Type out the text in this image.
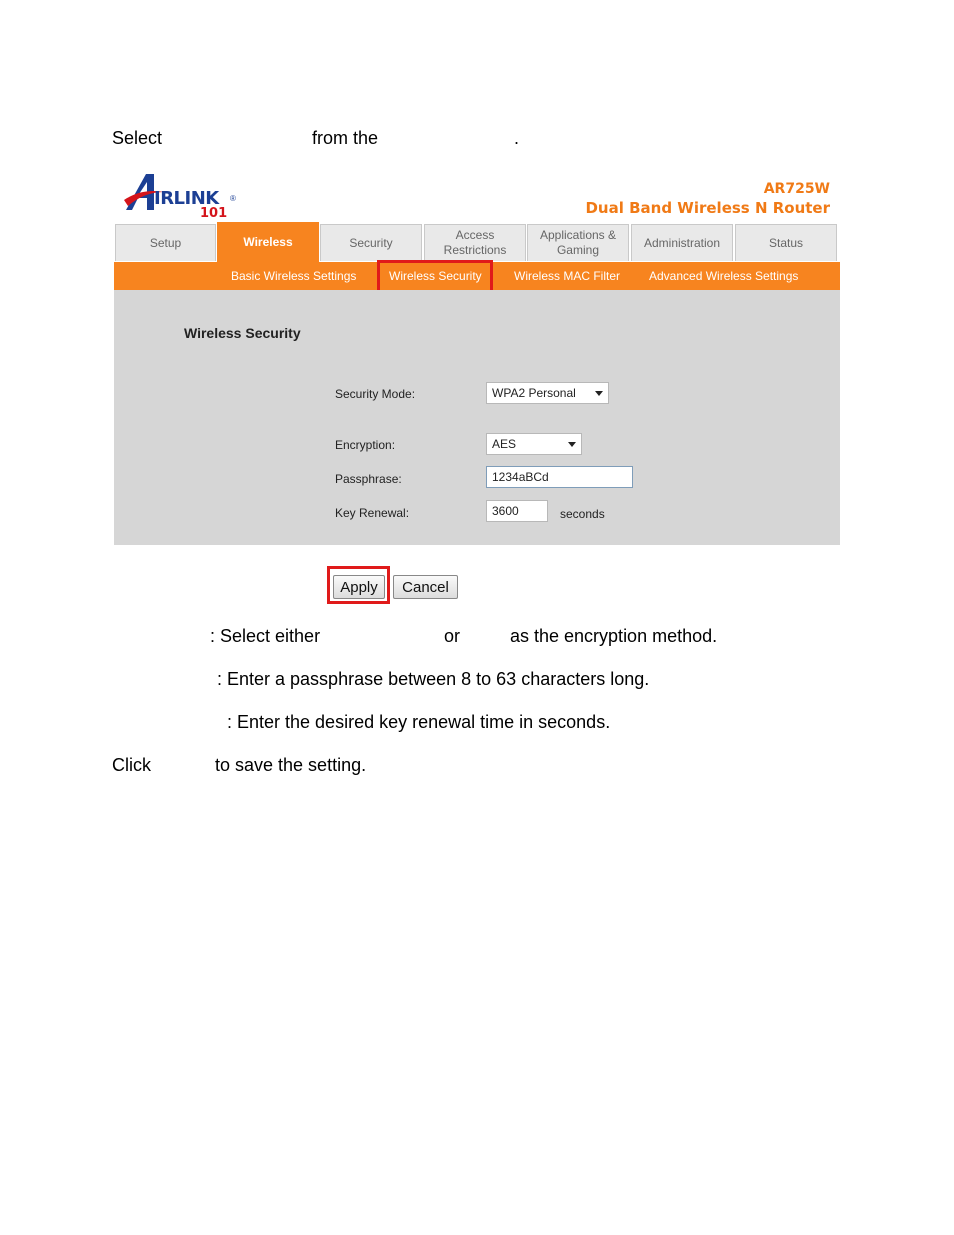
Select	from the	.
IRLINK ®
101
AR725W
Dual Band Wireless N Router
Setup	Wireless	Security
Access
Restrictions
Applications &
Gaming
Administration	Status
Basic Wireless Settings	Wireless Security	Wireless MAC Filter Advanced Wireless Settings
Wireless Security
Security Mode:	WPA2 Personal
Encryption:	AES
Passphrase:	1234aBCd
Key Renewal:	3600	seconds
Apply Cancel
: Select either	or	as the encryption method.
: Enter a passphrase between 8 to 63 characters long.
: Enter the desired key renewal time in seconds.
Click	to save the setting.
